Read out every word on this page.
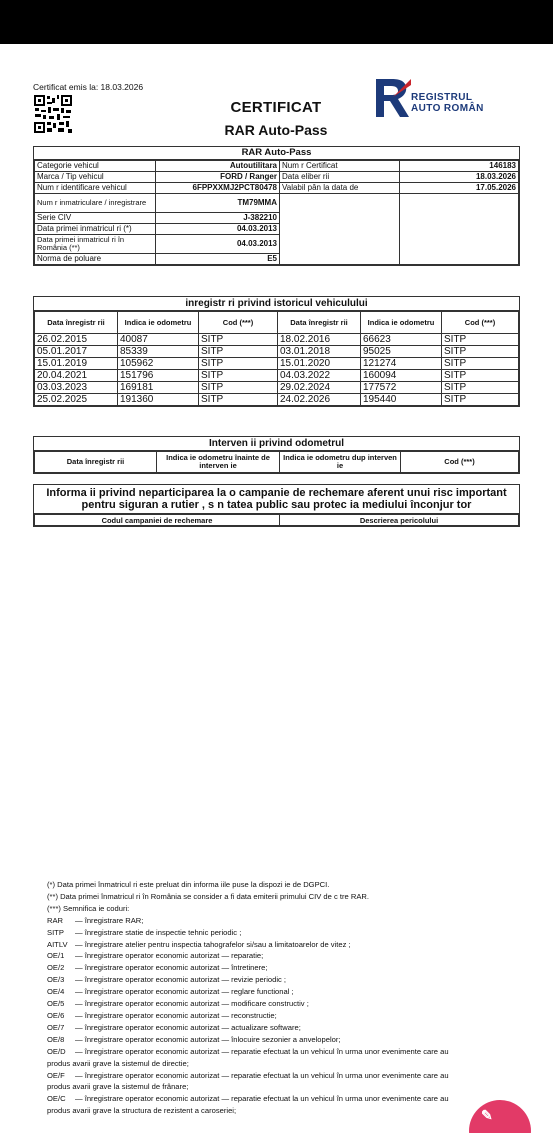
Certificat emis la: 18.03.2026
CERTIFICAT
RAR Auto-Pass
REGISTRUL
AUTO ROMÂN
RAR Auto-Pass
Categorie vehicul	Autoutilitara	Num r Certificat	146183
Marca / Tip vehicul	FORD / Ranger	Data eliber rii	18.03.2026
Num r identificare vehicul	6FPPXXMJ2PCT80478	Valabil pân la data de	17.05.2026
Num r inmatriculare / inregistrare	TM79MMA		
Serie CIV	J-382210		
Data primei inmatricul ri (*)	04.03.2013		
Data primei inmatricul ri în România (**)	04.03.2013		
Norma de poluare	E5		
inregistr ri privind istoricul vehiculului
Data înregistr rii	Indica ie odometru	Cod (***)	Data înregistr rii	Indica ie odometru	Cod (***)
26.02.2015	40087	SITP	18.02.2016	66623	SITP
05.01.2017	85339	SITP	03.01.2018	95025	SITP
15.01.2019	105962	SITP	15.01.2020	121274	SITP
20.04.2021	151796	SITP	04.03.2022	160094	SITP
03.03.2023	169181	SITP	29.02.2024	177572	SITP
25.02.2025	191360	SITP	24.02.2026	195440	SITP
Interven ii privind odometrul
Data înregistr rii	Indica ie odometru înainte de interven ie	Indica ie odometru dup interven ie	Cod (***)
Informa ii privind neparticiparea la o campanie de rechemare aferent unui risc important pentru siguran a rutier , s n tatea public sau protec ia mediului înconjur tor
Codul campaniei de rechemare	Descrierea pericolului
(*) Data primei înmatricul ri este preluat din informa iile puse la dispozi ie de DGPCI.
(**) Data primei înmatricul ri în România se consider a fi data emiterii primului CIV de c tre RAR.
(***) Semnifica ie coduri:
RAR — înregistrare RAR;
SITP — înregistrare statie de inspectie tehnic periodic ;
AITLV — înregistrare atelier pentru inspectia tahografelor si/sau a limitatoarelor de vitez ;
OE/1 — înregistrare operator economic autorizat — reparatie;
OE/2 — înregistrare operator economic autorizat — întretinere;
OE/3 — înregistrare operator economic autorizat — revizie periodic ;
OE/4 — înregistrare operator economic autorizat — reglare functional ;
OE/5 — înregistrare operator economic autorizat — modificare constructiv ;
OE/6 — înregistrare operator economic autorizat — reconstructie;
OE/7 — înregistrare operator economic autorizat — actualizare software;
OE/8 — înregistrare operator economic autorizat — înlocuire sezonier a anvelopelor;
OE/D — înregistrare operator economic autorizat — reparatie efectuat la un vehicul în urma unor evenimente care au
produs avarii grave la sistemul de directie;
OE/F — înregistrare operator economic autorizat — reparatie efectuat la un vehicul în urma unor evenimente care au
produs avarii grave la sistemul de frânare;
OE/C — înregistrare operator economic autorizat — reparatie efectuat la un vehicul în urma unor evenimente care au
produs avarii grave la structura de rezistent a caroseriei;	✎
